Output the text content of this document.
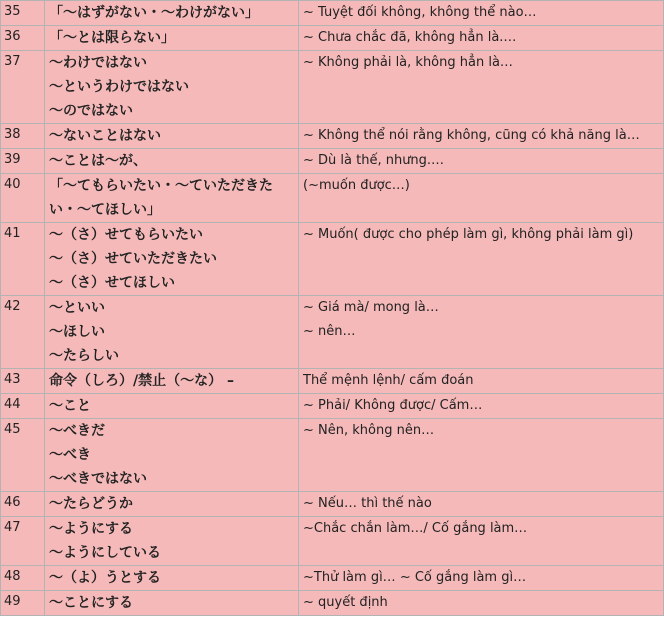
35	「〜はずがない・〜わけがない」	~ Tuyệt đối không, không thể nào…

36	「〜とは限らない」	~ Chưa chắc đã, không hẳn là.…

37	〜わけではない
〜というわけではない
〜のではない	~ Không phải là, không hẳn là…

38	〜ないことはない	~ Không thể nói rằng không, cũng có khả năng là…

39	〜ことは〜が、	~ Dù là thế, nhưng.…

40	「〜てもらいたい・〜ていただきた
い・〜てほしい」	(~muốn được…)

41	〜（さ）せてもらいたい
〜（さ）せていただきたい
〜（さ）せてほしい	~ Muốn( được cho phép làm gì, không phải làm gì)

42	〜といい
〜ほしい
〜たらしい	~ Giá mà/ mong là…
~ nên…

43	命令（しろ）/禁止（〜な） –	Thể mệnh lệnh/ cấm đoán

44	〜こと	~ Phải/ Không được/ Cấm…

45	〜べきだ
〜べき
〜べきではない	~ Nên, không nên…

46	〜たらどうか	~ Nếu… thì thế nào

47	〜ようにする
〜ようにしている	~Chắc chắn làm…/ Cố gắng làm…

48	〜（よ）うとする	~Thử làm gì… ~ Cố gắng làm gì…

49	〜ことにする	~ quyết định
